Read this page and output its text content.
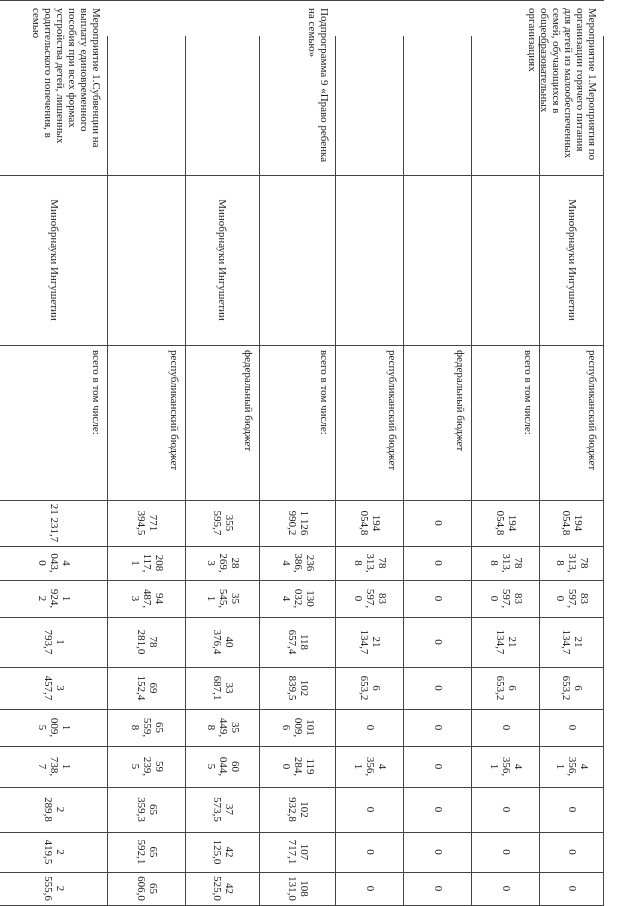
Мероприятие 1.Мероприятия по организации горячего питания для детей из малообеспеченных семей, обучающихся в общеобразовательных организациях
Минобрнауки Ингушетии
республиканский бюджет
194
054,8
78
313,
8
83
597,
0
21
134,7
6
653,2
0
4
356,
1
0
0
0
всего в том числе:
194
054,8
78
313,
8
83
597,
0
21
134,7
6
653,2
0
4
356,
1
0
0
0
федеральный бюджет
0
0
0
0
0
0
0
0
0
0
республиканский бюджет
194
054,8
78
313,
8
83
597,
0
21
134,7
6
653,2
0
4
356,
1
0
0
0
Подпрограмма 9 «Право ребенка на семью»
Минобрнауки Ингушетии
всего в том числе:
1 126
990,2
236
386,
4
130
032,
4
118
657,4
102
839,5
101
009,
6
119
284,
0
102
932,8
107
717,1
108
131,0
федеральный бюджет
355
595,7
28
269,
3
35
545,
1
40
376,4
33
687,1
35
449,
8
60
044,
5
37
573,5
42
125,0
42
525,0
республиканский бюджет
771
394,5
208
117,
1
94
487,
3
78
281,0
69
152,4
65
559,
8
59
239,
5
65
359,3
65
592,1
65
606,0
Мероприятие 1.Субвенции на выплату единовременного пособия при всех формах устройства детей, лишенных родительского попечения, в семью
Минобрнауки Ингушетии
всего в том числе:
21 231,7
4
043,
0
1
924,
2
1
793,7
3
457,7
1
009,
5
1
738,
7
2
289,8
2
419,5
2
555,6
